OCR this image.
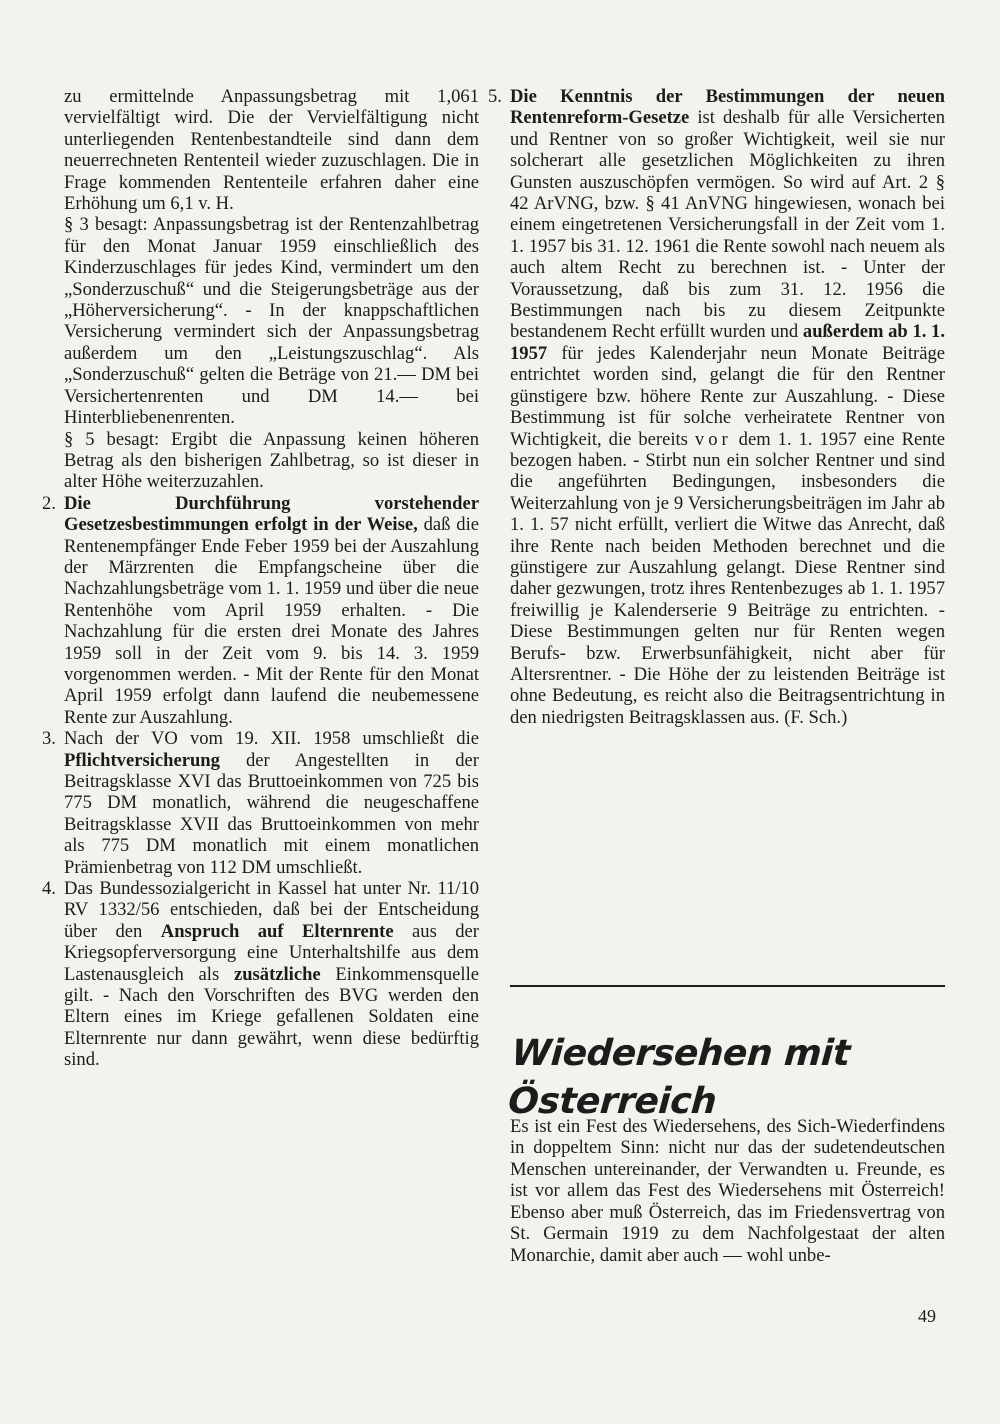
zu ermittelnde Anpassungsbetrag mit 1,061 vervielfältigt wird. Die der Vervielfältigung nicht unterliegenden Rentenbestandteile sind dann dem neuerrechneten Rententeil wieder zuzuschlagen. Die in Frage kommenden Rententeile erfahren daher eine Erhöhung um 6,1 v. H.

§ 3 besagt: Anpassungsbetrag ist der Rentenzahlbetrag für den Monat Januar 1959 einschließlich des Kinderzuschlages für jedes Kind, vermindert um den „Sonderzuschuß“ und die Steigerungsbeträge aus der „Höherversicherung“. - In der knappschaftlichen Versicherung vermindert sich der Anpassungsbetrag außerdem um den „Leistungszuschlag“. Als „Sonderzuschuß“ gelten die Beträge von 21.— DM bei Versichertenrenten und DM 14.— bei Hinterbliebenenrenten.

§ 5 besagt: Ergibt die Anpassung keinen höheren Betrag als den bisherigen Zahlbetrag, so ist dieser in alter Höhe weiterzuzahlen.

2. Die Durchführung vorstehender Gesetzesbestimmungen erfolgt in der Weise, daß die Rentenempfänger Ende Feber 1959 bei der Auszahlung der Märzrenten die Empfangscheine über die Nachzahlungsbeträge vom 1. 1. 1959 und über die neue Rentenhöhe vom April 1959 erhalten. - Die Nachzahlung für die ersten drei Monate des Jahres 1959 soll in der Zeit vom 9. bis 14. 3. 1959 vorgenommen werden. - Mit der Rente für den Monat April 1959 erfolgt dann laufend die neubemessene Rente zur Auszahlung.
3. Nach der VO vom 19. XII. 1958 umschließt die Pflichtversicherung der Angestellten in der Beitragsklasse XVI das Bruttoeinkommen von 725 bis 775 DM monatlich, während die neugeschaffene Beitragsklasse XVII das Bruttoeinkommen von mehr als 775 DM monatlich mit einem monatlichen Prämienbetrag von 112 DM umschließt.
4. Das Bundessozialgericht in Kassel hat unter Nr. 11/10 RV 1332/56 entschieden, daß bei der Entscheidung über den Anspruch auf Elternrente aus der Kriegsopferversorgung eine Unterhaltshilfe aus dem Lastenausgleich als zusätzliche Einkommensquelle gilt. - Nach den Vorschriften des BVG werden den Eltern eines im Kriege gefallenen Soldaten eine Elternrente nur dann gewährt, wenn diese bedürftig sind.
5. Die Kenntnis der Bestimmungen der neuen Rentenreform-Gesetze ist deshalb für alle Versicherten und Rentner von so großer Wichtigkeit, weil sie nur solcherart alle gesetzlichen Möglichkeiten zu ihren Gunsten auszuschöpfen vermögen. So wird auf Art. 2 § 42 ArVNG, bzw. § 41 AnVNG hingewiesen, wonach bei einem eingetretenen Versicherungsfall in der Zeit vom 1. 1. 1957 bis 31. 12. 1961 die Rente sowohl nach neuem als auch altem Recht zu berechnen ist. - Unter der Voraussetzung, daß bis zum 31. 12. 1956 die Bestimmungen nach bis zu diesem Zeitpunkte bestandenem Recht erfüllt wurden und außerdem ab 1. 1. 1957 für jedes Kalenderjahr neun Monate Beiträge entrichtet worden sind, gelangt die für den Rentner günstigere bzw. höhere Rente zur Auszahlung. - Diese Bestimmung ist für solche verheiratete Rentner von Wichtigkeit, die bereits vor dem 1. 1. 1957 eine Rente bezogen haben. - Stirbt nun ein solcher Rentner und sind die angeführten Bedingungen, insbesonders die Weiterzahlung von je 9 Versicherungsbeiträgen im Jahr ab 1. 1. 57 nicht erfüllt, verliert die Witwe das Anrecht, daß ihre Rente nach beiden Methoden berechnet und die günstigere zur Auszahlung gelangt. Diese Rentner sind daher gezwungen, trotz ihres Rentenbezuges ab 1. 1. 1957 freiwillig je Kalenderserie 9 Beiträge zu entrichten. - Diese Bestimmungen gelten nur für Renten wegen Berufs- bzw. Erwerbsunfähigkeit, nicht aber für Altersrentner. - Die Höhe der zu leistenden Beiträge ist ohne Bedeutung, es reicht also die Beitragsentrichtung in den niedrigsten Beitragsklassen aus. (F. Sch.)
Wiedersehen mit Österreich

Es ist ein Fest des Wiedersehens, des Sich-Wiederfindens in doppeltem Sinn: nicht nur das der sudetendeutschen Menschen untereinander, der Verwandten u. Freunde, es ist vor allem das Fest des Wiedersehens mit Österreich! Ebenso aber muß Österreich, das im Friedensvertrag von St. Germain 1919 zu dem Nachfolgestaat der alten Monarchie, damit aber auch — wohl unbe-

49
